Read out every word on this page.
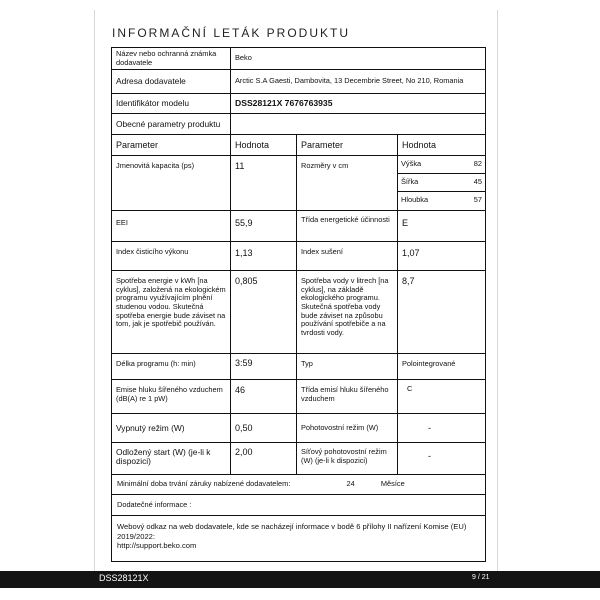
INFORMAČNÍ LETÁK PRODUKTU
Název nebo ochranná známka dodavatele	Beko
Adresa dodavatele	Arctic S.A Gaesti, Dambovita, 13 Decembrie Street, No 210, Romania
Identifikátor modelu	DSS28121X 7676763935
Obecné parametry produktu	
Parameter	Hodnota	Parameter	Hodnota
Jmenovitá kapacita (ps)	11	Rozměry v cm		Výška	82
Šířka	45
Hloubka	57

EEI	55,9	Třída energetické účinnosti	E
Index čisticího výkonu	1,13	Index sušení	1,07
Spotřeba energie v kWh [na cyklus], založená na ekologickém programu využívajícím plnění studenou vodou. Skutečná spotřeba energie bude záviset na tom, jak je spotřebič používán.	0,805	Spotřeba vody v litrech [na cyklus], na základě ekologického programu. Skutečná spotřeba vody bude záviset na způsobu používání spotřebiče a na tvrdosti vody.	8,7
Délka programu (h: min)	3:59	Typ	Polointegrované
Emise hluku šířeného vzduchem (dB(A) re 1 pW)	46	Třída emisí hluku šířeného vzduchem	C
Vypnutý režim (W)	0,50	Pohotovostní režim (W)	-
Odložený start (W) (je-li k dispozici)	2,00	Síťový pohotovostní režim (W) (je-li k dispozici)	-
Minimální doba trvání záruky nabízené dodavatelem:	24	Měsíce
Dodatečné informace :

Webový odkaz na web dodavatele, kde se nacházejí informace v bodě 6 přílohy II nařízení Komise (EU) 2019/2022:
http://support.beko.com
DSS28121X	9 / 21
